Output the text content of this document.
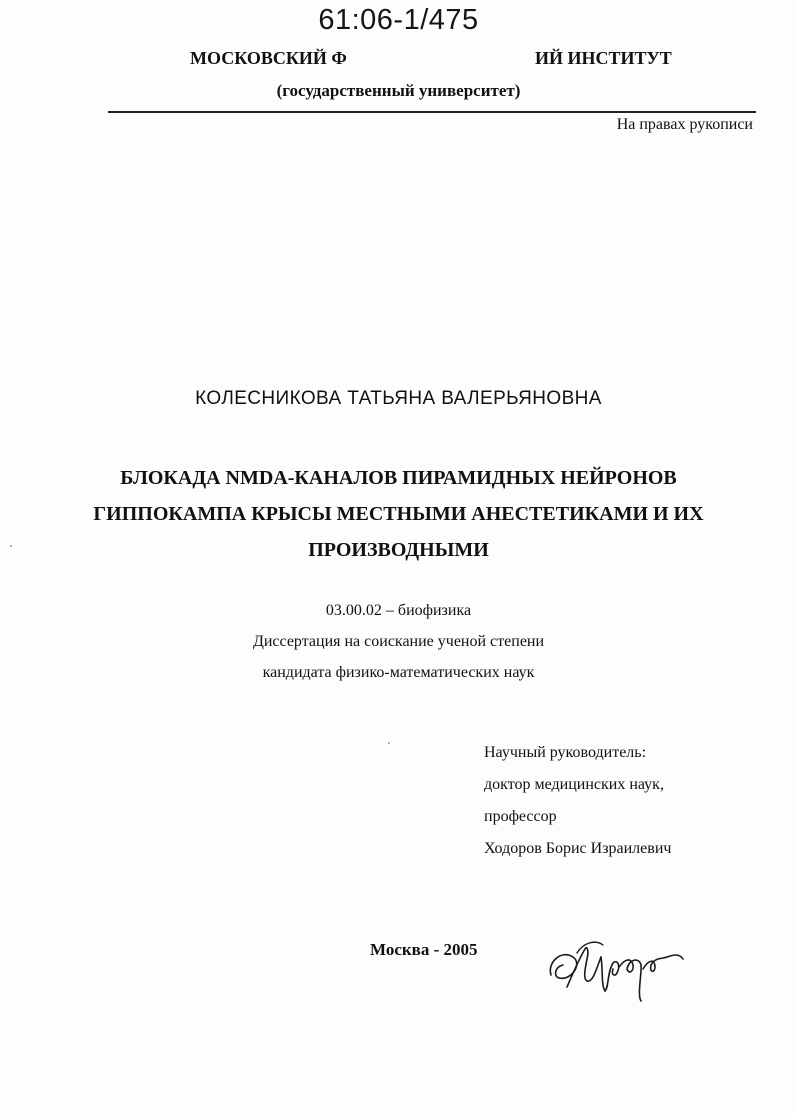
61:06-1/475
МОСКОВСКИЙ Ф	ИЙ ИНСТИТУТ
(государственный университет)
На правах рукописи
КОЛЕСНИКОВА ТАТЬЯНА ВАЛЕРЬЯНОВНА
БЛОКАДА NMDA-КАНАЛОВ ПИРАМИДНЫХ НЕЙРОНОВ
ГИППОКАМПА КРЫСЫ МЕСТНЫМИ АНЕСТЕТИКАМИ И ИХ
ПРОИЗВОДНЫМИ
03.00.02 – биофизика
Диссертация на соискание ученой степени
кандидата физико-математических наук
Научный руководитель:
доктор медицинских наук,
профессор
Ходоров Борис Израилевич
Москва - 2005
